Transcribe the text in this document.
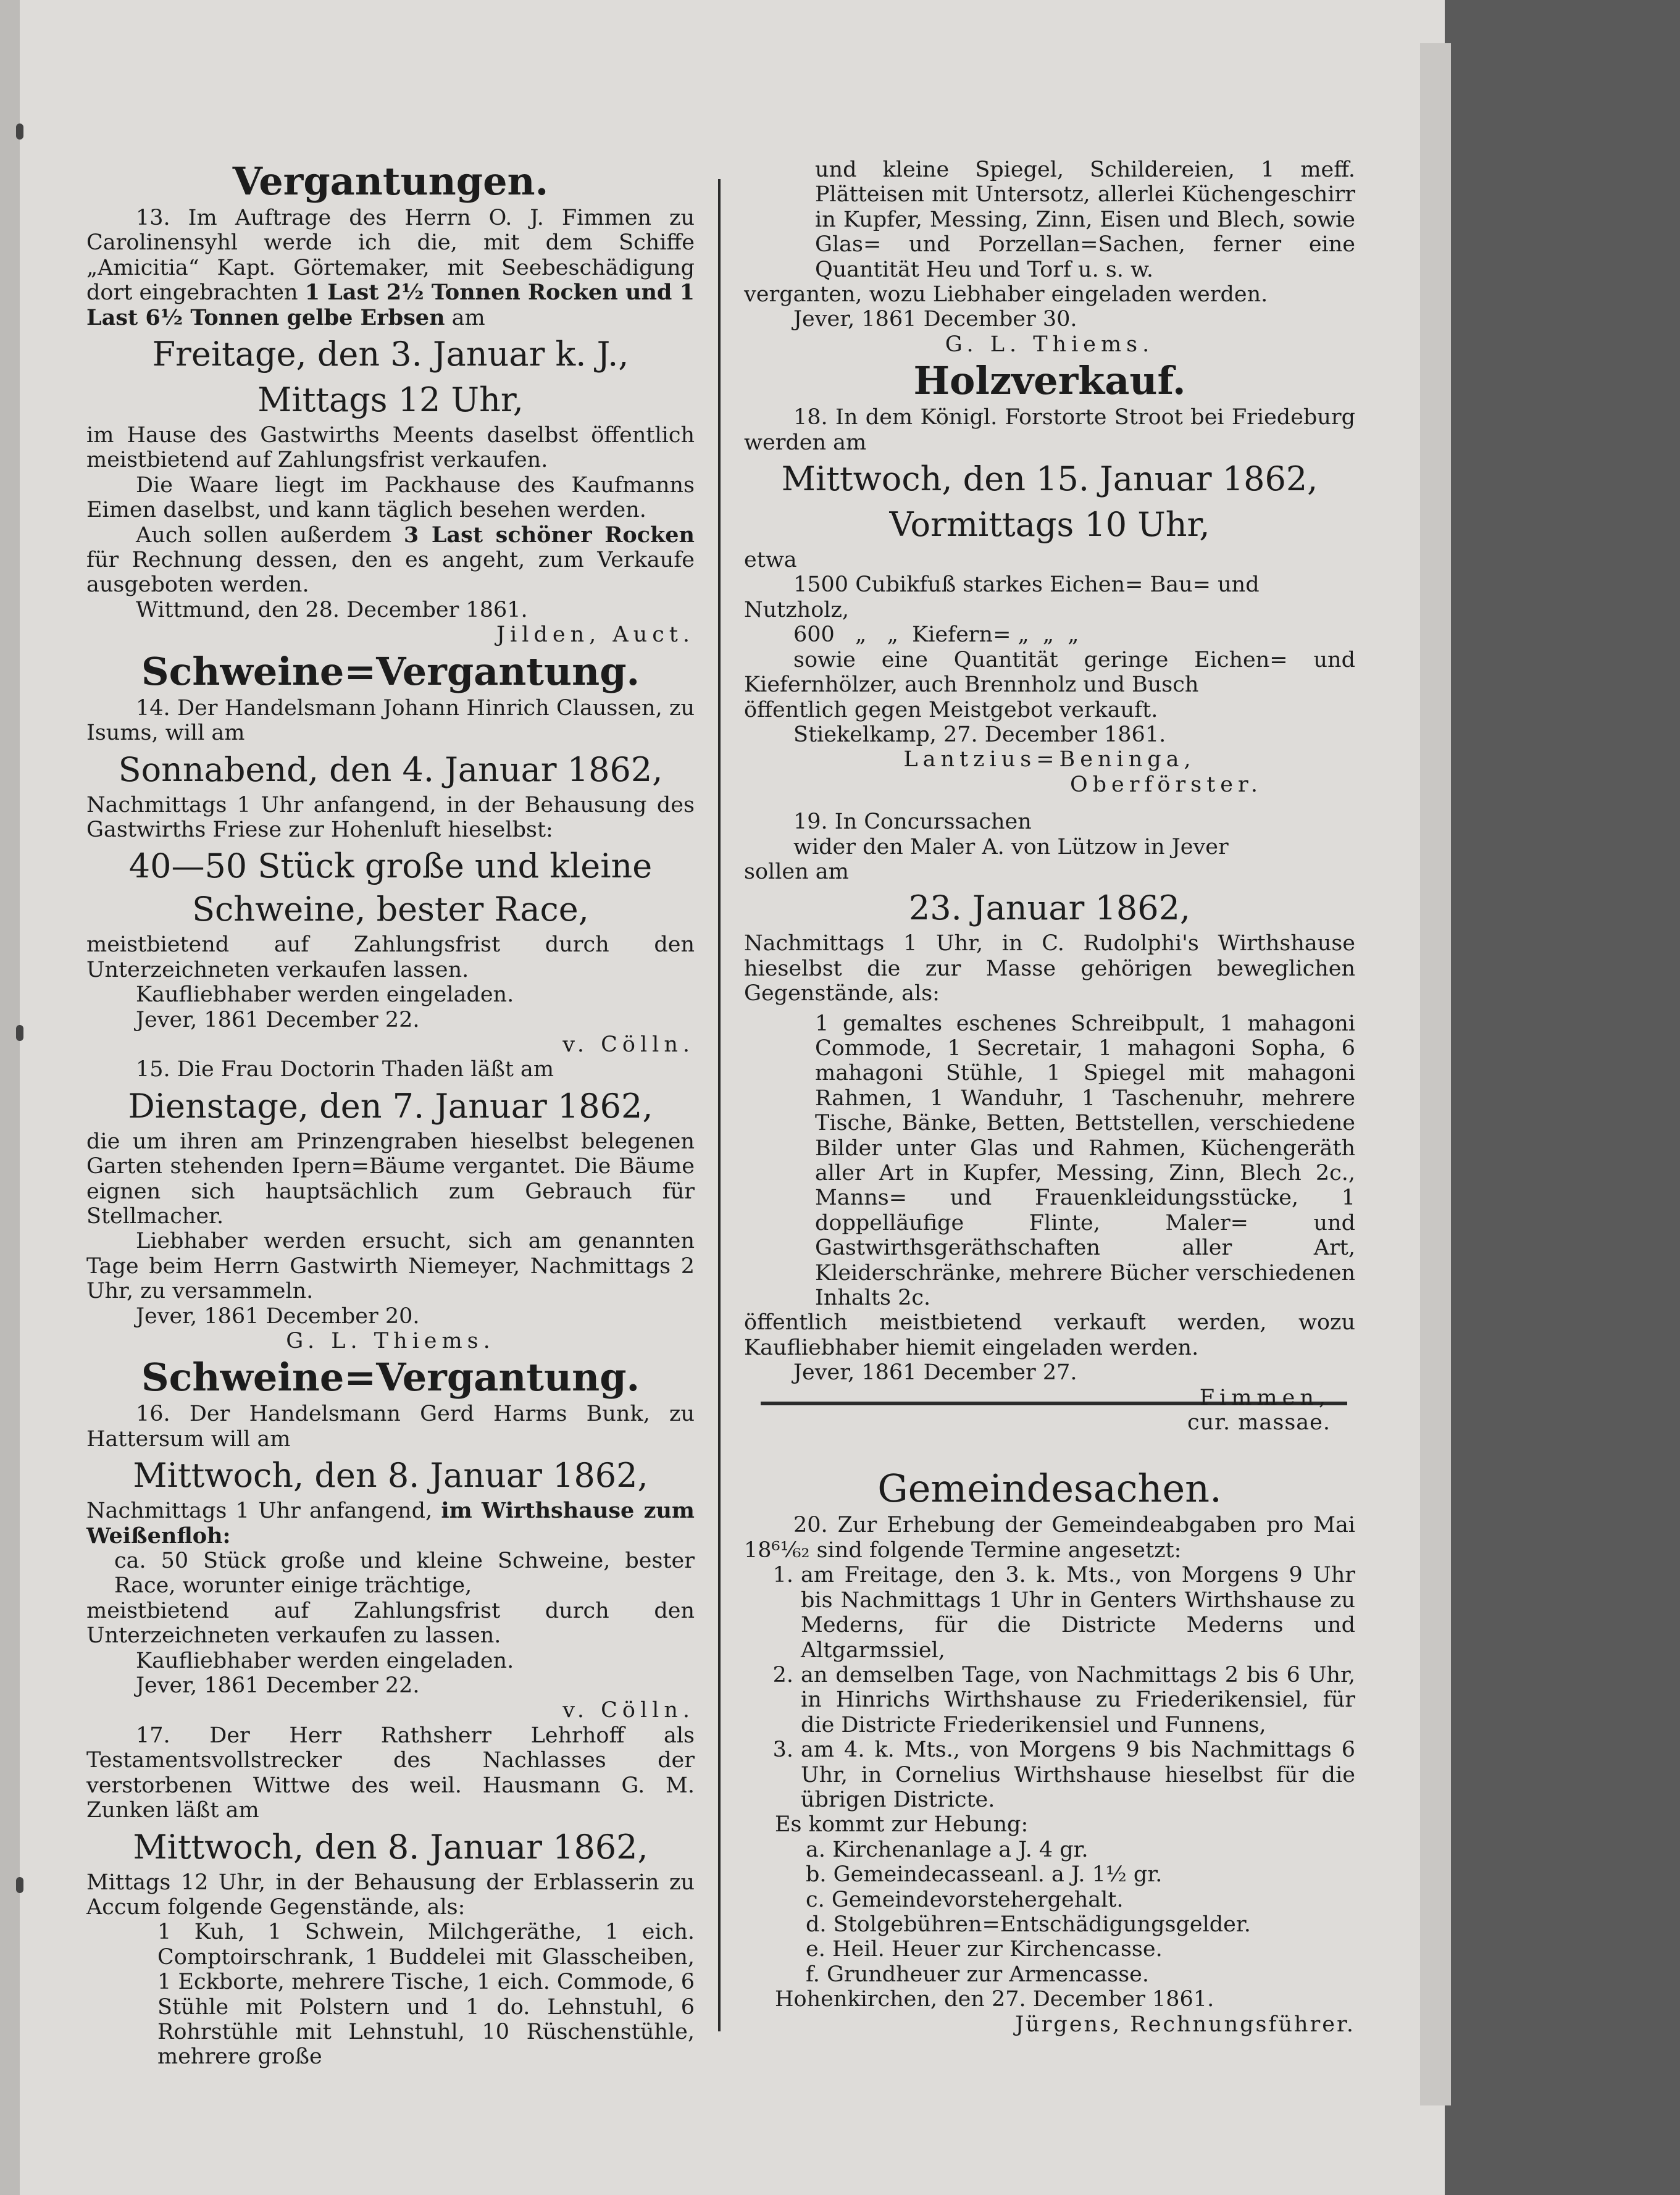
Vergantungen.

13. Im Auftrage des Herrn O. J. Fimmen zu Carolinensyhl werde ich die, mit dem Schiffe „Amicitia“ Kapt. Görtemaker, mit Seebeschädigung dort eingebrachten 1 Last 2½ Tonnen Rocken und 1 Last 6½ Tonnen gelbe Erbsen am

Freitage, den 3. Januar k. J.,

Mittags 12 Uhr,

im Hause des Gastwirths Meents daselbst öffentlich meistbietend auf Zahlungsfrist verkaufen.

Die Waare liegt im Packhause des Kaufmanns Eimen daselbst, und kann täglich besehen werden.

Auch sollen außerdem 3 Last schöner Rocken für Rechnung dessen, den es angeht, zum Verkaufe ausgeboten werden.

Wittmund, den 28. December 1861.

Jilden, Auct.

Schweine=Vergantung.

14. Der Handelsmann Johann Hinrich Claussen, zu Isums, will am

Sonnabend, den 4. Januar 1862,

Nachmittags 1 Uhr anfangend, in der Behausung des Gastwirths Friese zur Hohenluft hieselbst:

40—50 Stück große und kleine Schweine, bester Race,

meistbietend auf Zahlungsfrist durch den Unterzeichneten verkaufen lassen.

Kaufliebhaber werden eingeladen.

Jever, 1861 December 22.

v. Cölln.

15. Die Frau Doctorin Thaden läßt am

Dienstage, den 7. Januar 1862,

die um ihren am Prinzengraben hieselbst belegenen Garten stehenden Ipern=Bäume vergantet. Die Bäume eignen sich hauptsächlich zum Gebrauch für Stellmacher.

Liebhaber werden ersucht, sich am genannten Tage beim Herrn Gastwirth Niemeyer, Nachmittags 2 Uhr, zu versammeln.

Jever, 1861 December 20.

G. L. Thiems.

Schweine=Vergantung.

16. Der Handelsmann Gerd Harms Bunk, zu Hattersum will am

Mittwoch, den 8. Januar 1862,

Nachmittags 1 Uhr anfangend, im Wirthshause zum Weißenfloh:

ca. 50 Stück große und kleine Schweine, bester Race, worunter einige trächtige,

meistbietend auf Zahlungsfrist durch den Unterzeichneten verkaufen zu lassen.

Kaufliebhaber werden eingeladen.

Jever, 1861 December 22.

v. Cölln.

17. Der Herr Rathsherr Lehrhoff als Testamentsvollstrecker des Nachlasses der verstorbenen Wittwe des weil. Hausmann G. M. Zunken läßt am

Mittwoch, den 8. Januar 1862,

Mittags 12 Uhr, in der Behausung der Erblasserin zu Accum folgende Gegenstände, als:

1 Kuh, 1 Schwein, Milchgeräthe, 1 eich. Comptoirschrank, 1 Buddelei mit Glasscheiben, 1 Eckborte, mehrere Tische, 1 eich. Commode, 6 Stühle mit Polstern und 1 do. Lehnstuhl, 6 Rohrstühle mit Lehnstuhl, 10 Rüschenstühle, mehrere große

und kleine Spiegel, Schildereien, 1 meff. Plätteisen mit Untersotz, allerlei Küchengeschirr in Kupfer, Messing, Zinn, Eisen und Blech, sowie Glas= und Porzellan=Sachen, ferner eine Quantität Heu und Torf u. s. w.

verganten, wozu Liebhaber eingeladen werden.

Jever, 1861 December 30.

G. L. Thiems.

Holzverkauf.

18. In dem Königl. Forstorte Stroot bei Friedeburg werden am

Mittwoch, den 15. Januar 1862,

Vormittags 10 Uhr,

etwa

1500 Cubikfuß starkes Eichen= Bau= und Nutzholz,

600   „   „  Kiefern= „  „  „

sowie eine Quantität geringe Eichen= und Kiefernhölzer, auch Brennholz und Busch

öffentlich gegen Meistgebot verkauft.

Stiekelkamp, 27. December 1861.

Lantzius=Beninga,

Oberförster.

19. In Concurssachen

wider den Maler A. von Lützow in Jever

sollen am

23. Januar 1862,

Nachmittags 1 Uhr, in C. Rudolphi's Wirthshause hieselbst die zur Masse gehörigen beweglichen Gegenstände, als:

1 gemaltes eschenes Schreibpult, 1 mahagoni Commode, 1 Secretair, 1 mahagoni Sopha, 6 mahagoni Stühle, 1 Spiegel mit mahagoni Rahmen, 1 Wanduhr, 1 Taschenuhr, mehrere Tische, Bänke, Betten, Bettstellen, verschiedene Bilder unter Glas und Rahmen, Küchengeräth aller Art in Kupfer, Messing, Zinn, Blech 2c., Manns= und Frauenkleidungsstücke, 1 doppelläufige Flinte, Maler= und Gastwirthsgeräthschaften aller Art, Kleiderschränke, mehrere Bücher verschiedenen Inhalts 2c.

öffentlich meistbietend verkauft werden, wozu Kaufliebhaber hiemit eingeladen werden.

Jever, 1861 December 27.

Fimmen,

cur. massae.

Gemeindesachen.

20. Zur Erhebung der Gemeindeabgaben pro Mai 18⁶¹⁄₆₂ sind folgende Termine angesetzt:

1. am Freitage, den 3. k. Mts., von Morgens 9 Uhr bis Nachmittags 1 Uhr in Genters Wirthshause zu Mederns, für die Districte Mederns und Altgarmssiel,

2. an demselben Tage, von Nachmittags 2 bis 6 Uhr, in Hinrichs Wirthshause zu Friederikensiel, für die Districte Friederikensiel und Funnens,

3. am 4. k. Mts., von Morgens 9 bis Nachmittags 6 Uhr, in Cornelius Wirthshause hieselbst für die übrigen Districte.

Es kommt zur Hebung:

a. Kirchenanlage a J. 4 gr.

b. Gemeindecasseanl. a J. 1½ gr.

c. Gemeindevorstehergehalt.

d. Stolgebühren=Entschädigungsgelder.

e. Heil. Heuer zur Kirchencasse.

f. Grundheuer zur Armencasse.

Hohenkirchen, den 27. December 1861.

Jürgens, Rechnungsführer.
